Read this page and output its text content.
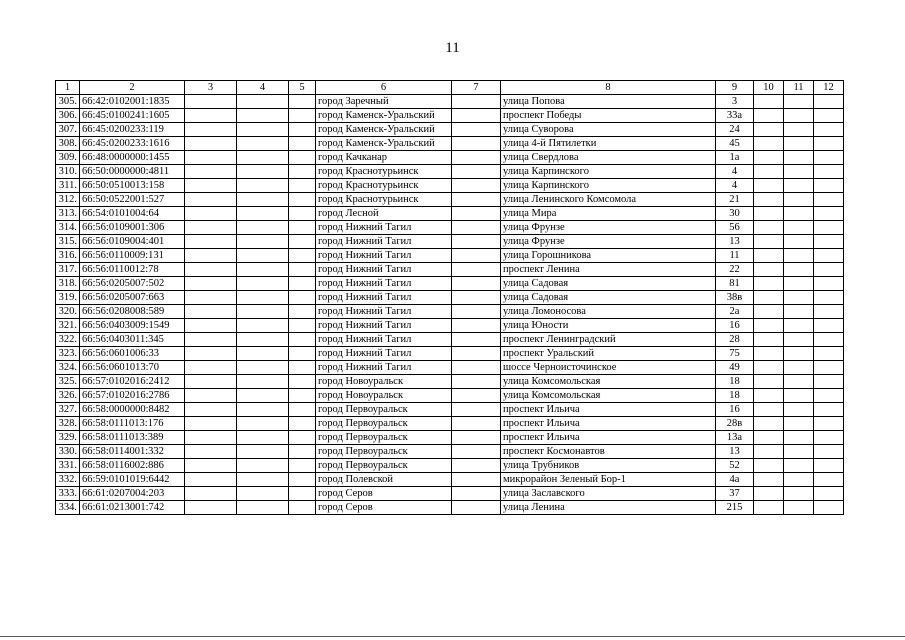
11
1	2	3	4	5	6	7	8	9	10	11	12
305.	66:42:0102001:1835				город Заречный		улица Попова	3			
306.	66:45:0100241:1605				город Каменск-Уральский		проспект Победы	33а			
307.	66:45:0200233:119				город Каменск-Уральский		улица Суворова	24			
308.	66:45:0200233:1616				город Каменск-Уральский		улица 4-й Пятилетки	45			
309.	66:48:0000000:1455				город Качканар		улица Свердлова	1а			
310.	66:50:0000000:4811				город Краснотурьинск		улица Карпинского	4			
311.	66:50:0510013:158				город Краснотурьинск		улица Карпинского	4			
312.	66:50:0522001:527				город Краснотурьинск		улица Ленинского Комсомола	21			
313.	66:54:0101004:64				город Лесной		улица Мира	30			
314.	66:56:0109001:306				город Нижний Тагил		улица Фрунзе	56			
315.	66:56:0109004:401				город Нижний Тагил		улица Фрунзе	13			
316.	66:56:0110009:131				город Нижний Тагил		улица Горошникова	11			
317.	66:56:0110012:78				город Нижний Тагил		проспект Ленина	22			
318.	66:56:0205007:502				город Нижний Тагил		улица Садовая	81			
319.	66:56:0205007:663				город Нижний Тагил		улица Садовая	38в			
320.	66:56:0208008:589				город Нижний Тагил		улица Ломоносова	2а			
321.	66:56:0403009:1549				город Нижний Тагил		улица Юности	16			
322.	66:56:0403011:345				город Нижний Тагил		проспект Ленинградский	28			
323.	66:56:0601006:33				город Нижний Тагил		проспект Уральский	75			
324.	66:56:0601013:70				город Нижний Тагил		шоссе Черноисточинское	49			
325.	66:57:0102016:2412				город Новоуральск		улица Комсомольская	18			
326.	66:57:0102016:2786				город Новоуральск		улица Комсомольская	18			
327.	66:58:0000000:8482				город Первоуральск		проспект Ильича	16			
328.	66:58:0111013:176				город Первоуральск		проспект Ильича	28в			
329.	66:58:0111013:389				город Первоуральск		проспект Ильича	13а			
330.	66:58:0114001:332				город Первоуральск		проспект Космонавтов	13			
331.	66:58:0116002:886				город Первоуральск		улица Трубников	52			
332.	66:59:0101019:6442				город Полевской		микрорайон Зеленый Бор-1	4а			
333.	66:61:0207004:203				город Серов		улица Заславского	37			
334.	66:61:0213001:742				город Серов		улица Ленина	215			
